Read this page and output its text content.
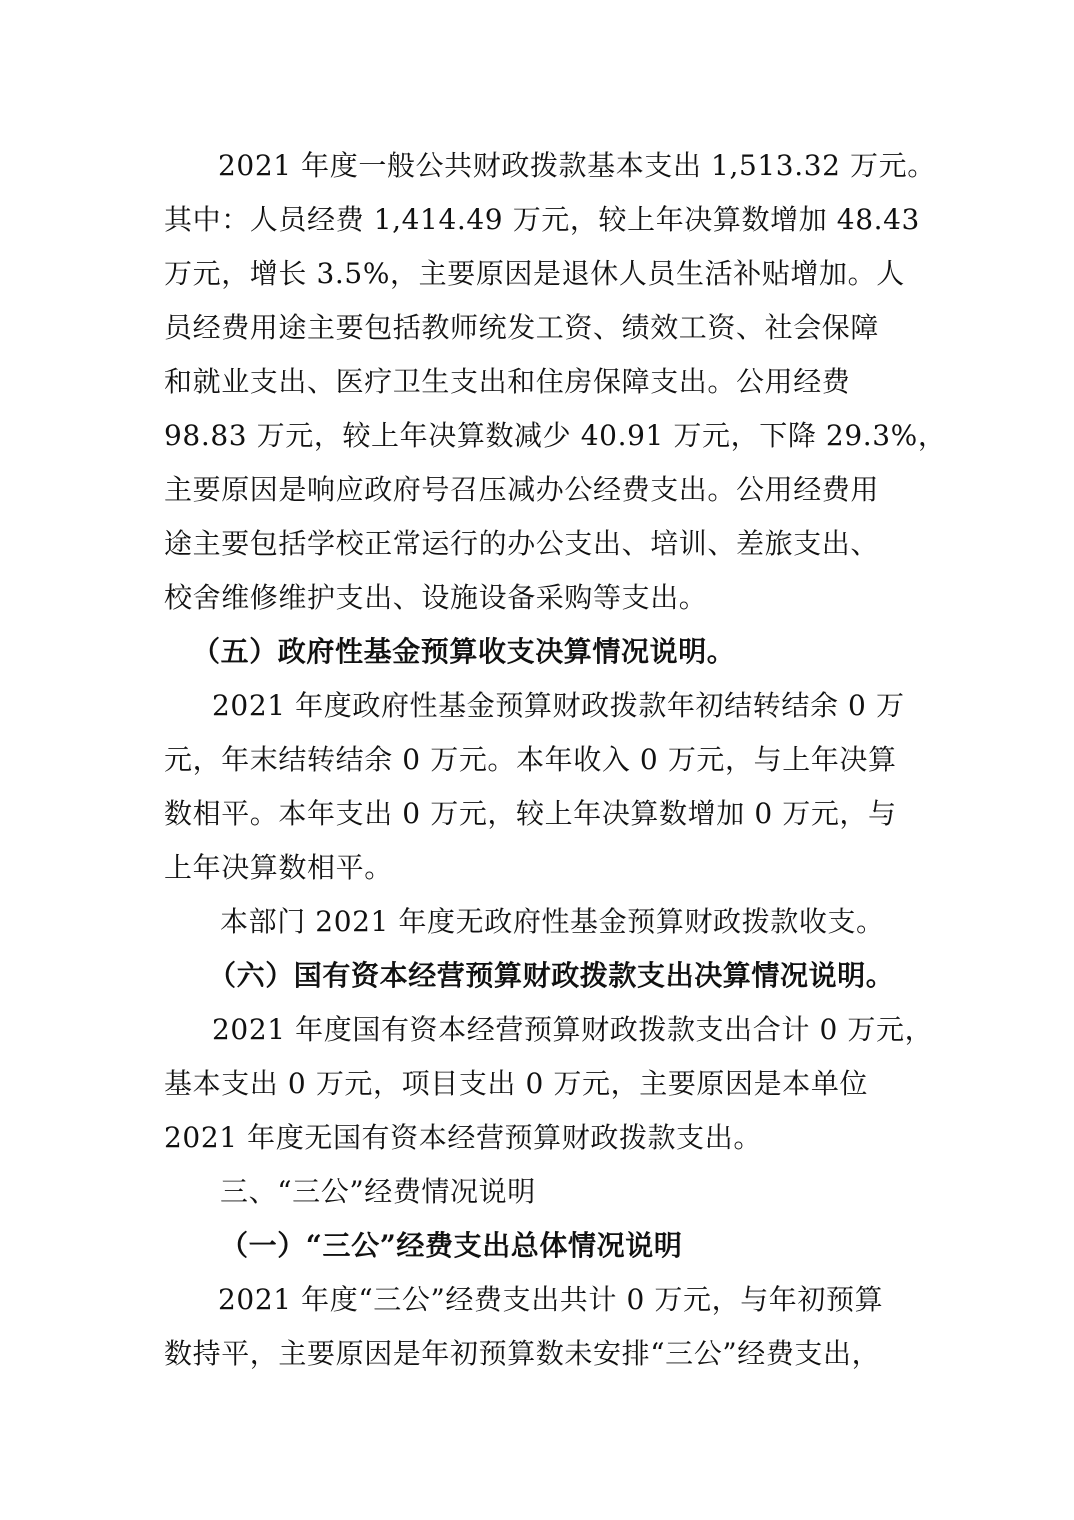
2021 年度一般公共财政拨款基本支出 1,513.32 万元。
其中：人员经费 1,414.49 万元，较上年决算数增加 48.43
万元，增长 3.5%，主要原因是退休人员生活补贴增加。人
员经费用途主要包括教师统发工资、绩效工资、社会保障
和就业支出、医疗卫生支出和住房保障支出。公用经费
98.83 万元，较上年决算数减少 40.91 万元，下降 29.3%，
主要原因是响应政府号召压减办公经费支出。公用经费用
途主要包括学校正常运行的办公支出、培训、差旅支出、
校舍维修维护支出、设施设备采购等支出。
（五）政府性基金预算收支决算情况说明。
2021 年度政府性基金预算财政拨款年初结转结余 0 万
元，年末结转结余 0 万元。本年收入 0 万元，与上年决算
数相平。本年支出 0 万元，较上年决算数增加 0 万元，与
上年决算数相平。
本部门 2021 年度无政府性基金预算财政拨款收支。
（六）国有资本经营预算财政拨款支出决算情况说明。
2021 年度国有资本经营预算财政拨款支出合计 0 万元，
基本支出 0 万元，项目支出 0 万元，主要原因是本单位
2021 年度无国有资本经营预算财政拨款支出。
三、“三公”经费情况说明
（一）“三公”经费支出总体情况说明
2021 年度“三公”经费支出共计 0 万元，与年初预算
数持平，主要原因是年初预算数未安排“三公”经费支出，
